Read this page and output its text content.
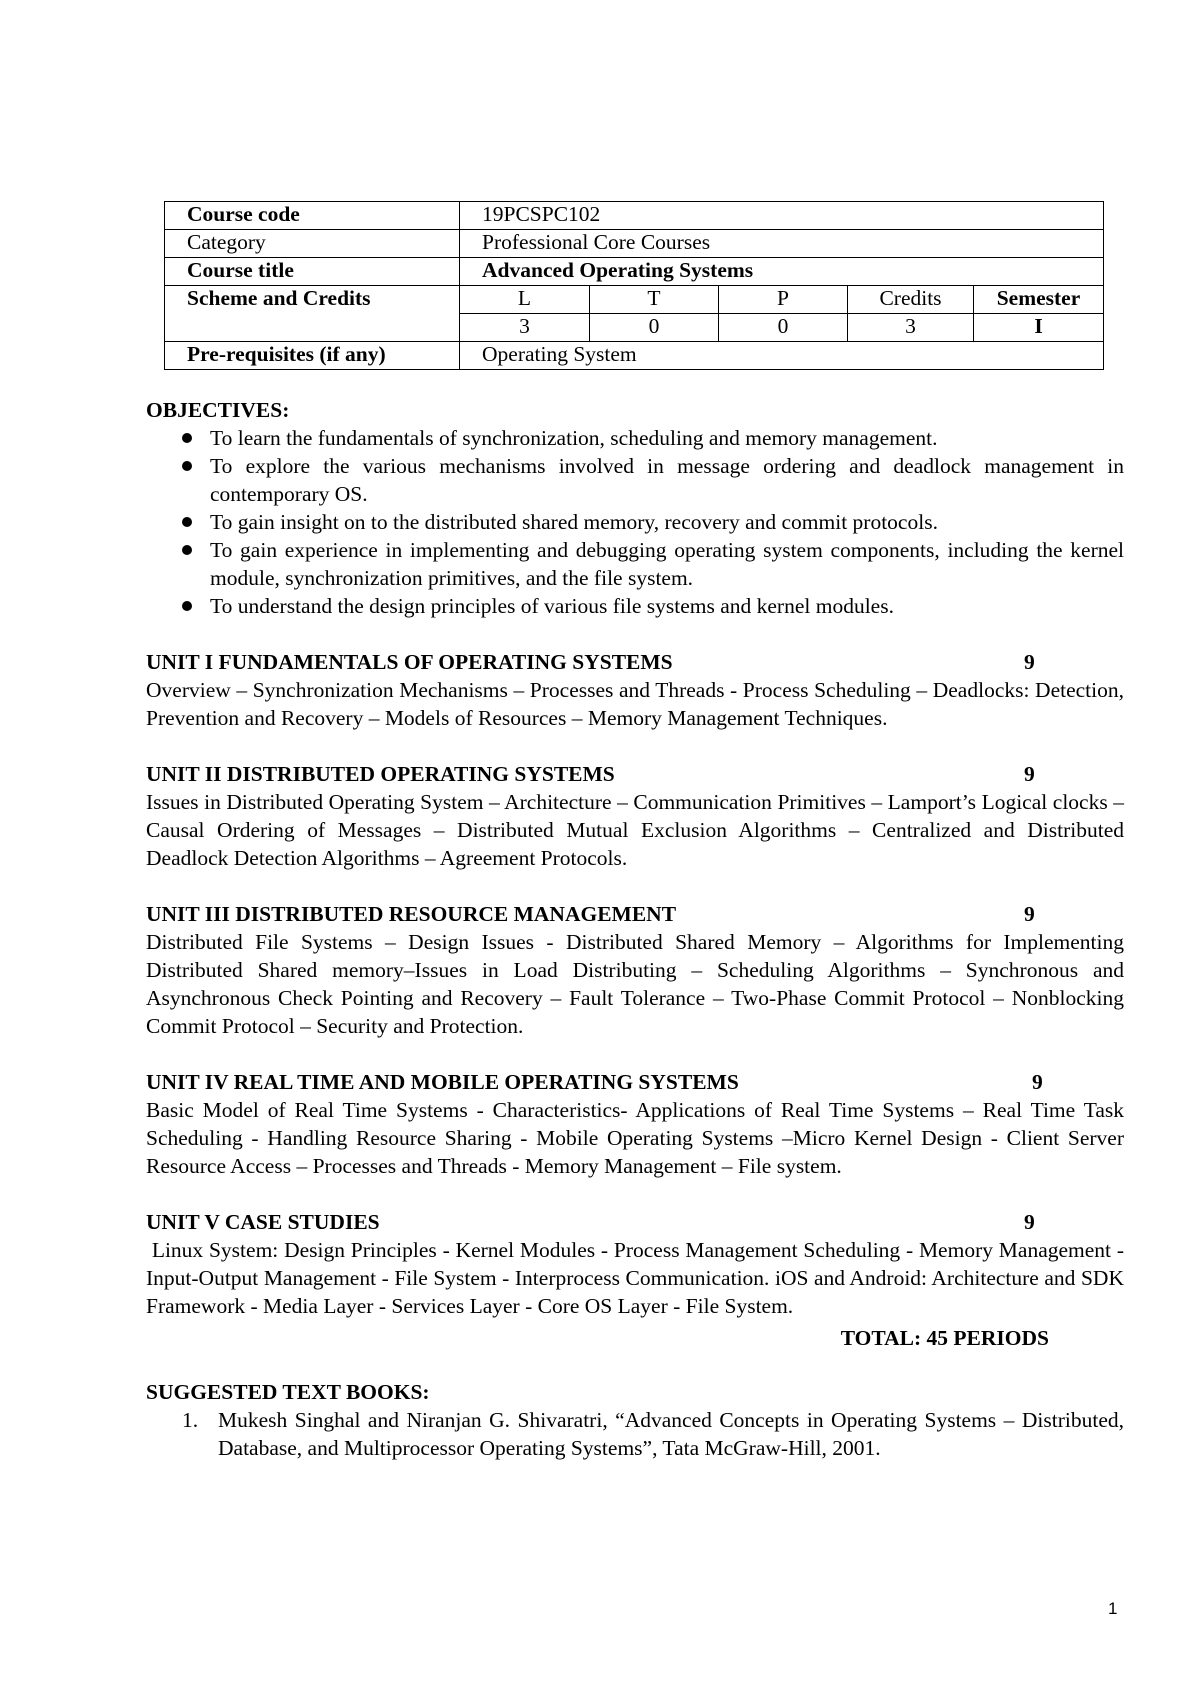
Course code	19PCSPC102				
Category	Professional Core Courses				
Course title	Advanced Operating Systems				
Scheme and Credits	L	T	P	Credits	Semester
	3	0	0	3	I
Pre-requisites (if any)	Operating System				

OBJECTIVES:

To learn the fundamentals of synchronization, scheduling and memory management.
To explore the various mechanisms involved in message ordering and deadlock management in contemporary OS.
To gain insight on to the distributed shared memory, recovery and commit protocols.
To gain experience in implementing and debugging operating system components, including the kernel module, synchronization primitives, and the file system.
To understand the design principles of various file systems and kernel modules.
UNIT I FUNDAMENTALS OF OPERATING SYSTEMS	9

Overview – Synchronization Mechanisms – Processes and Threads - Process Scheduling – Deadlocks: Detection, Prevention and Recovery – Models of Resources – Memory Management Techniques.

UNIT II DISTRIBUTED OPERATING SYSTEMS	9

Issues in Distributed Operating System – Architecture – Communication Primitives – Lamport’s Logical clocks – Causal Ordering of Messages – Distributed Mutual Exclusion Algorithms – Centralized and Distributed Deadlock Detection Algorithms – Agreement Protocols.

UNIT III DISTRIBUTED RESOURCE MANAGEMENT	9

Distributed File Systems – Design Issues - Distributed Shared Memory – Algorithms for Implementing Distributed Shared memory–Issues in Load Distributing – Scheduling Algorithms – Synchronous and Asynchronous Check Pointing and Recovery – Fault Tolerance – Two-Phase Commit Protocol – Nonblocking Commit Protocol – Security and Protection.

UNIT IV REAL TIME AND MOBILE OPERATING SYSTEMS	9

Basic Model of Real Time Systems - Characteristics- Applications of Real Time Systems – Real Time Task Scheduling - Handling Resource Sharing - Mobile Operating Systems –Micro Kernel Design - Client Server Resource Access – Processes and Threads - Memory Management – File system.

UNIT V CASE STUDIES	9

Linux System: Design Principles - Kernel Modules - Process Management Scheduling - Memory Management - Input-Output Management - File System - Interprocess Communication. iOS and Android: Architecture and SDK Framework - Media Layer - Services Layer - Core OS Layer - File System.

TOTAL: 45 PERIODS

SUGGESTED TEXT BOOKS:

1. Mukesh Singhal and Niranjan G. Shivaratri, “Advanced Concepts in Operating Systems – Distributed, Database, and Multiprocessor Operating Systems”, Tata McGraw-Hill, 2001.
1
